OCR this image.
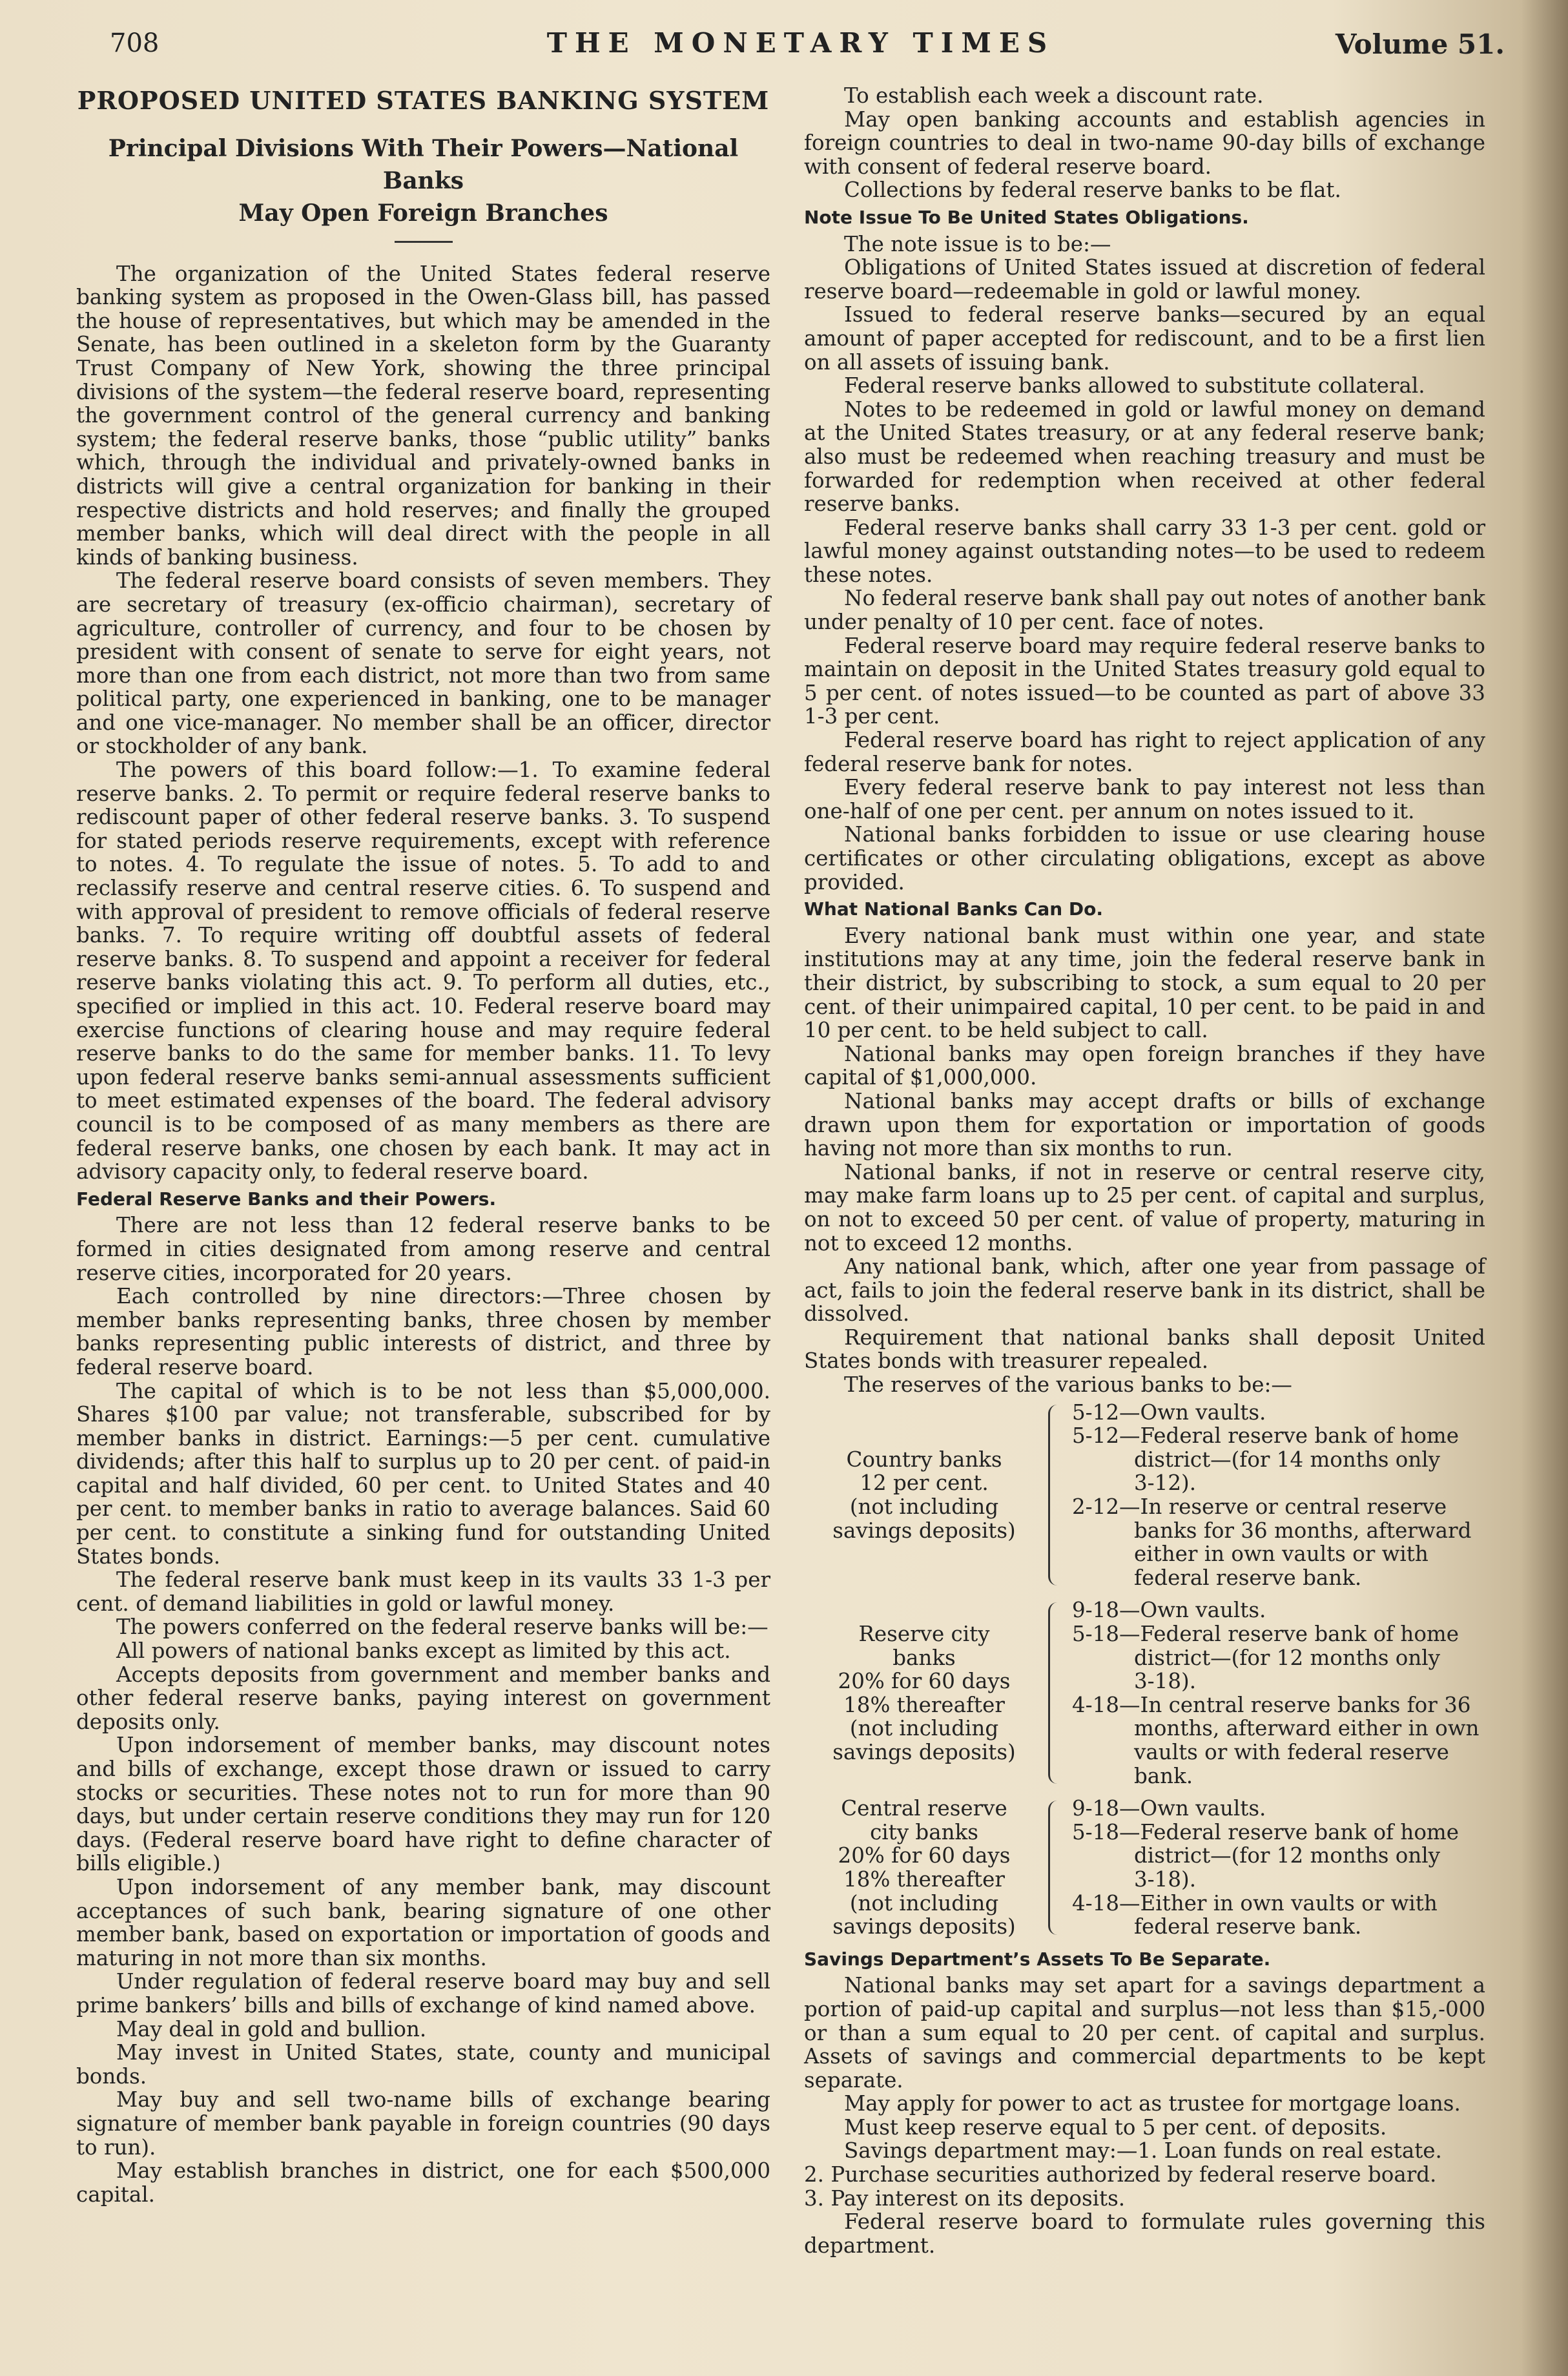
708	THE MONETARY TIMES	Volume 51.
PROPOSED UNITED STATES BANKING SYSTEM
Principal Divisions With Their Powers—National Banks
May Open Foreign Branches

The organization of the United States federal reserve banking system as proposed in the Owen-Glass bill, has passed the house of representatives, but which may be amended in the Senate, has been outlined in a skeleton form by the Guaranty Trust Company of New York, showing the three principal divisions of the system—the federal reserve board, representing the government control of the general currency and banking system; the federal reserve banks, those “public utility” banks which, through the individual and privately-owned banks in districts will give a central organization for banking in their respective districts and hold reserves; and finally the grouped member banks, which will deal direct with the people in all kinds of banking business.

The federal reserve board consists of seven members. They are secretary of treasury (ex-officio chairman), secretary of agriculture, controller of currency, and four to be chosen by president with consent of senate to serve for eight years, not more than one from each district, not more than two from same political party, one experienced in banking, one to be manager and one vice-manager. No member shall be an officer, director or stockholder of any bank.

The powers of this board follow:—1. To examine federal reserve banks. 2. To permit or require federal reserve banks to rediscount paper of other federal reserve banks. 3. To suspend for stated periods reserve requirements, except with reference to notes. 4. To regulate the issue of notes. 5. To add to and reclassify reserve and central reserve cities. 6. To suspend and with approval of president to remove officials of federal reserve banks. 7. To require writing off doubtful assets of federal reserve banks. 8. To suspend and appoint a receiver for federal reserve banks violating this act. 9. To perform all duties, etc., specified or implied in this act. 10. Federal reserve board may exercise functions of clearing house and may require federal reserve banks to do the same for member banks. 11. To levy upon federal reserve banks semi-annual assessments sufficient to meet estimated expenses of the board. The federal advisory council is to be composed of as many members as there are federal reserve banks, one chosen by each bank. It may act in advisory capacity only, to federal reserve board.

Federal Reserve Banks and their Powers.

There are not less than 12 federal reserve banks to be formed in cities designated from among reserve and central reserve cities, incorporated for 20 years.

Each controlled by nine directors:—Three chosen by member banks representing banks, three chosen by member banks representing public interests of district, and three by federal reserve board.

The capital of which is to be not less than $5,000,000. Shares $100 par value; not transferable, subscribed for by member banks in district. Earnings:—5 per cent. cumulative dividends; after this half to surplus up to 20 per cent. of paid-in capital and half divided, 60 per cent. to United States and 40 per cent. to member banks in ratio to average balances. Said 60 per cent. to constitute a sinking fund for outstanding United States bonds.

The federal reserve bank must keep in its vaults 33 1-3 per cent. of demand liabilities in gold or lawful money.

The powers conferred on the federal reserve banks will be:—

All powers of national banks except as limited by this act.

Accepts deposits from government and member banks and other federal reserve banks, paying interest on government deposits only.

Upon indorsement of member banks, may discount notes and bills of exchange, except those drawn or issued to carry stocks or securities. These notes not to run for more than 90 days, but under certain reserve conditions they may run for 120 days. (Federal reserve board have right to define character of bills eligible.)

Upon indorsement of any member bank, may discount acceptances of such bank, bearing signature of one other member bank, based on exportation or importation of goods and maturing in not more than six months.

Under regulation of federal reserve board may buy and sell prime bankers’ bills and bills of exchange of kind named above.

May deal in gold and bullion.

May invest in United States, state, county and municipal bonds.

May buy and sell two-name bills of exchange bearing signature of member bank payable in foreign countries (90 days to run).

May establish branches in district, one for each $500,000 capital.

To establish each week a discount rate.

May open banking accounts and establish agencies in foreign countries to deal in two-name 90-day bills of exchange with consent of federal reserve board.

Collections by federal reserve banks to be flat.

Note Issue To Be United States Obligations.

The note issue is to be:—

Obligations of United States issued at discretion of federal reserve board—redeemable in gold or lawful money.

Issued to federal reserve banks—secured by an equal amount of paper accepted for rediscount, and to be a first lien on all assets of issuing bank.

Federal reserve banks allowed to substitute collateral.

Notes to be redeemed in gold or lawful money on demand at the United States treasury, or at any federal reserve bank; also must be redeemed when reaching treasury and must be forwarded for redemption when received at other federal reserve banks.

Federal reserve banks shall carry 33 1-3 per cent. gold or lawful money against outstanding notes—to be used to redeem these notes.

No federal reserve bank shall pay out notes of another bank under penalty of 10 per cent. face of notes.

Federal reserve board may require federal reserve banks to maintain on deposit in the United States treasury gold equal to 5 per cent. of notes issued—to be counted as part of above 33 1-3 per cent.

Federal reserve board has right to reject application of any federal reserve bank for notes.

Every federal reserve bank to pay interest not less than one-half of one per cent. per annum on notes issued to it.

National banks forbidden to issue or use clearing house certificates or other circulating obligations, except as above provided.

What National Banks Can Do.

Every national bank must within one year, and state institutions may at any time, join the federal reserve bank in their district, by subscribing to stock, a sum equal to 20 per cent. of their unimpaired capital, 10 per cent. to be paid in and 10 per cent. to be held subject to call.

National banks may open foreign branches if they have capital of $1,000,000.

National banks may accept drafts or bills of exchange drawn upon them for exportation or importation of goods having not more than six months to run.

National banks, if not in reserve or central reserve city, may make farm loans up to 25 per cent. of capital and surplus, on not to exceed 50 per cent. of value of property, maturing in not to exceed 12 months.

Any national bank, which, after one year from passage of act, fails to join the federal reserve bank in its district, shall be dissolved.

Requirement that national banks shall deposit United States bonds with treasurer repealed.

The reserves of the various banks to be:—

Country banks
12 per cent.
(not including
savings deposits)
5-12—Own vaults.
5-12—Federal reserve bank of home
district—(for 14 months only
3-12).
2-12—In reserve or central reserve
banks for 36 months, afterward
either in own vaults or with
federal reserve bank.
Reserve city
banks
20% for 60 days
18% thereafter
(not including
savings deposits)
9-18—Own vaults.
5-18—Federal reserve bank of home
district—(for 12 months only
3-18).
4-18—In central reserve banks for 36
months, afterward either in own
vaults or with federal reserve
bank.
Central reserve
city banks
20% for 60 days
18% thereafter
(not including
savings deposits)
9-18—Own vaults.
5-18—Federal reserve bank of home
district—(for 12 months only
3-18).
4-18—Either in own vaults or with
federal reserve bank.
Savings Department’s Assets To Be Separate.

National banks may set apart for a savings department a portion of paid-up capital and surplus—not less than $15,-000 or than a sum equal to 20 per cent. of capital and surplus. Assets of savings and commercial departments to be kept separate.

May apply for power to act as trustee for mortgage loans.

Must keep reserve equal to 5 per cent. of deposits.

Savings department may:—1. Loan funds on real estate.

2. Purchase securities authorized by federal reserve board.

3. Pay interest on its deposits.

Federal reserve board to formulate rules governing this department.
